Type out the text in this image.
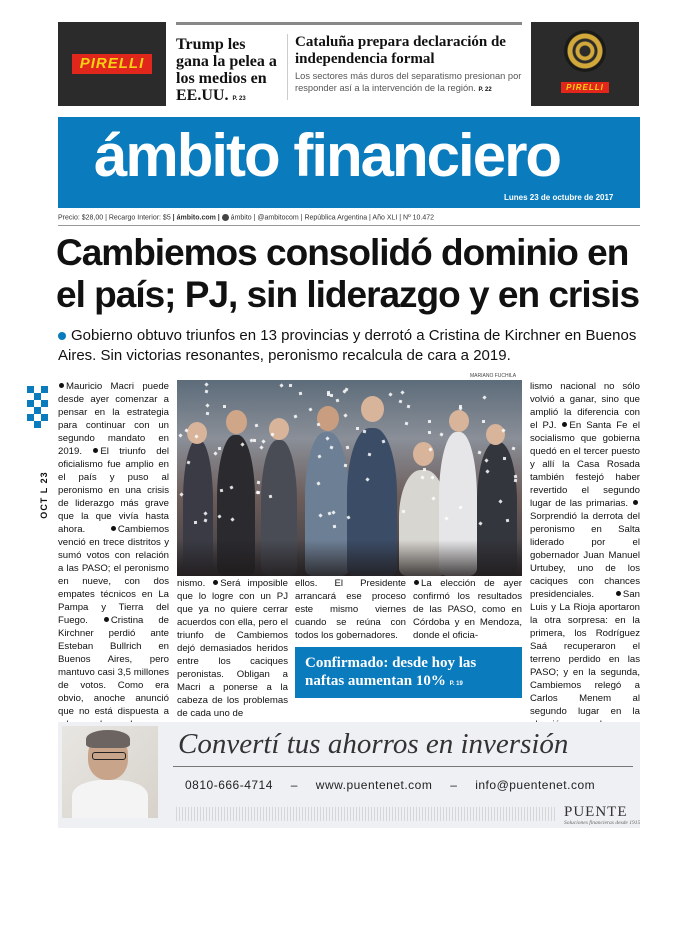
PIRELLI
Trump les gana la pelea a los medios en EE.UU. P. 23
Cataluña prepara declaración de independencia formal
Los sectores más duros del separatismo presionan por responder así a la intervención de la región. P. 22	PIRELLI
ámbito financiero
Lunes 23 de octubre de 2017
Precio: $28,00 | Recargo Interior: $5 | ámbito.com | ámbito | @ambitocom | República Argentina | Año XLI | Nº 10.472
Cambiemos consolidó dominio en el país; PJ, sin liderazgo y en crisis
Gobierno obtuvo triunfos en 13 provincias y derrotó a Cristina de Kirchner en Buenos Aires. Sin victorias resonantes, peronismo recalcula de cara a 2019.
OCT L 23
Mauricio Macri puede desde ayer comenzar a pensar en la estrategia para continuar con un segundo mandato en 2019. El triunfo del oficialismo fue amplio en el país y puso al peronismo en una crisis de liderazgo más grave que la que vivía hasta ahora.	Cambiemos venció en trece distritos y sumó votos con relación a las PASO; el peronismo en nueve, con dos empates técnicos en La Pampa y Tierra del Fuego. Cristina de Kirchner perdió ante Esteban Bullrich en Buenos Aires, pero mantuvo casi 3,5 millones de votos. Como era obvio, anoche anunció que no está dispuesta a
MARIANO FUCHILA
nismo. Será imposible que lo logre con un PJ que ya no quiere cerrar acuerdos con ella, pero el triunfo de Cambiemos dejó demasiados heridos entre los caciques peronistas. Obligan a Macri a ponerse a la cabeza de los problemas de cada uno de
ellos. El Presidente arrancará ese proceso este mismo viernes cuando se reúna con todos los gobernadores.
La elección de ayer confirmó los resultados de las PASO, como en Córdoba y en Mendoza, donde el oficia-
Confirmado: desde hoy las naftas aumentan 10% P. 19
lismo nacional no sólo volvió a ganar, sino que amplió la diferencia con el PJ. En Santa Fe el socialismo que gobierna quedó en el tercer puesto y allí la Casa Rosada también festejó haber revertido el segundo lugar de las primarias. Sorprendió la derrota del peronismo en Salta liderado por el gobernador Juan Manuel Urtubey, uno de los caciques con chances presidenciales.	San Luis y La Rioja aportaron la otra sorpresa: en la primera, los Rodríguez Saá recuperaron el terreno perdido en las PASO; y en la segunda, Cambiemos relegó a Carlos Menem al segundo lugar en la
Convertí tus ahorros en inversión
0810-666-4714 – www.puentenet.com – info@puentenet.com
PUENTE
Soluciones financieras desde 1915
